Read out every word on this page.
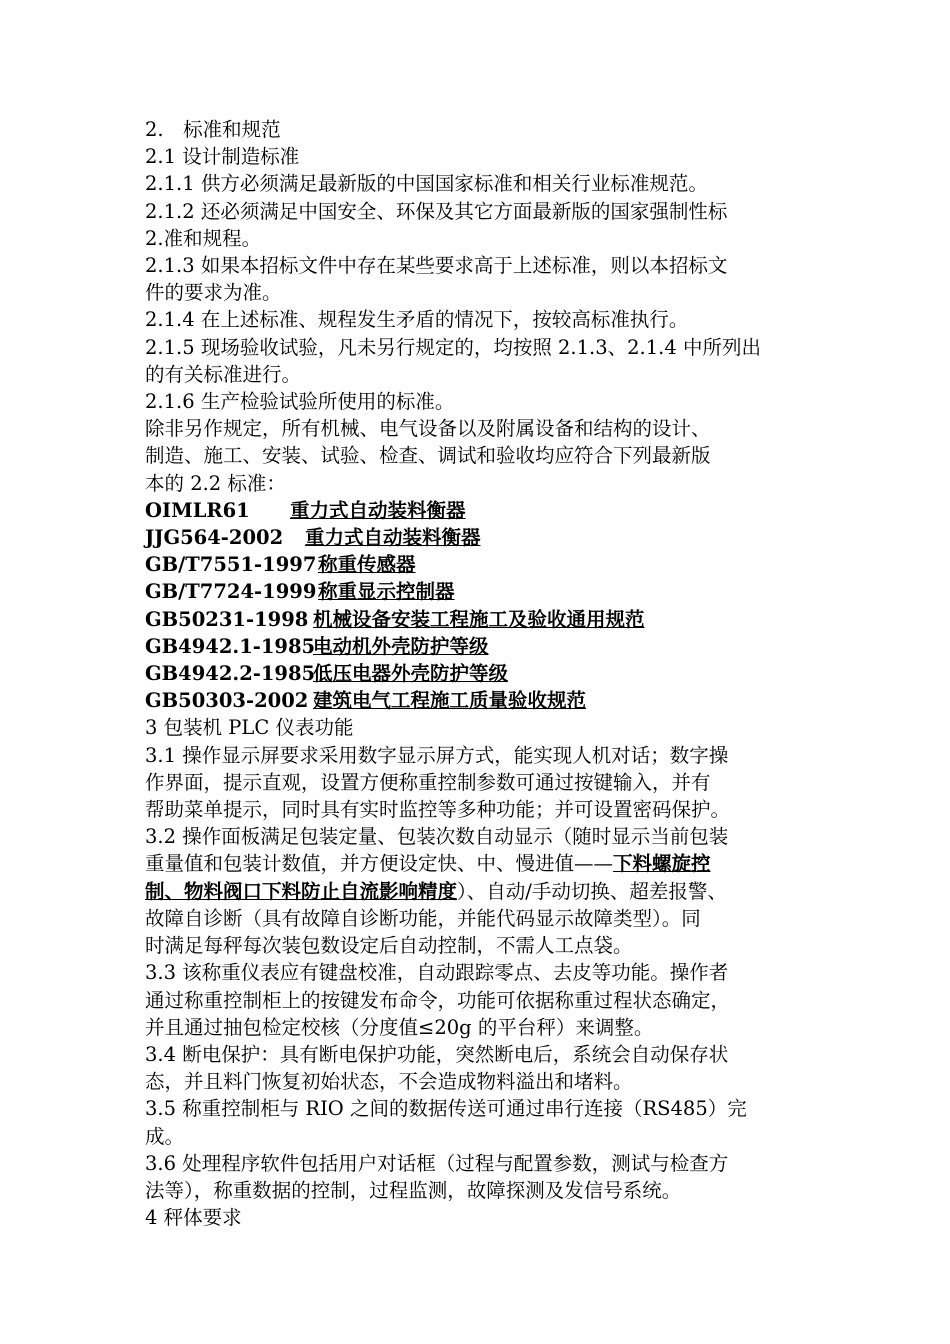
2.　标准和规范

2.1 设计制造标准

2.1.1 供方必须满足最新版的中国国家标准和相关行业标准规范。

2.1.2 还必须满足中国安全、环保及其它方面最新版的国家强制性标

2.准和规程。

2.1.3 如果本招标文件中存在某些要求高于上述标准，则以本招标文

件的要求为准。

2.1.4 在上述标准、规程发生矛盾的情况下，按较高标准执行。

2.1.5 现场验收试验，凡未另行规定的，均按照 2.1.3、2.1.4 中所列出

的有关标准进行。

2.1.6 生产检验试验所使用的标准。

除非另作规定，所有机械、电气设备以及附属设备和结构的设计、

制造、施工、安装、试验、检查、调试和验收均应符合下列最新版

本的 2.2 标准：

OIMLR61 重力式自动装料衡器

JJG564-2002 重力式自动装料衡器

GB/T7551-1997称重传感器

GB/T7724-1999称重显示控制器

GB50231-1998 机械设备安装工程施工及验收通用规范

GB4942.1-1985电动机外壳防护等级

GB4942.2-1985低压电器外壳防护等级

GB50303-2002 建筑电气工程施工质量验收规范

3 包装机 PLC 仪表功能

3.1 操作显示屏要求采用数字显示屏方式，能实现人机对话；数字操

作界面，提示直观，设置方便称重控制参数可通过按键输入，并有

帮助菜单提示，同时具有实时监控等多种功能；并可设置密码保护。

3.2 操作面板满足包装定量、包装次数自动显示（随时显示当前包装

重量值和包装计数值，并方便设定快、中、慢进值——下料螺旋控

制、物料阀口下料防止自流影响精度）、自动/手动切换、超差报警、

故障自诊断（具有故障自诊断功能，并能代码显示故障类型）。同

时满足每秤每次装包数设定后自动控制，不需人工点袋。

3.3 该称重仪表应有键盘校准，自动跟踪零点、去皮等功能。操作者

通过称重控制柜上的按键发布命令，功能可依据称重过程状态确定，

并且通过抽包检定校核（分度值≤20g 的平台秤）来调整。

3.4 断电保护：具有断电保护功能，突然断电后，系统会自动保存状

态，并且料门恢复初始状态，不会造成物料溢出和堵料。

3.5 称重控制柜与 RIO 之间的数据传送可通过串行连接（RS485）完

成。

3.6 处理程序软件包括用户对话框（过程与配置参数，测试与检查方

法等），称重数据的控制，过程监测，故障探测及发信号系统。

4 秤体要求
